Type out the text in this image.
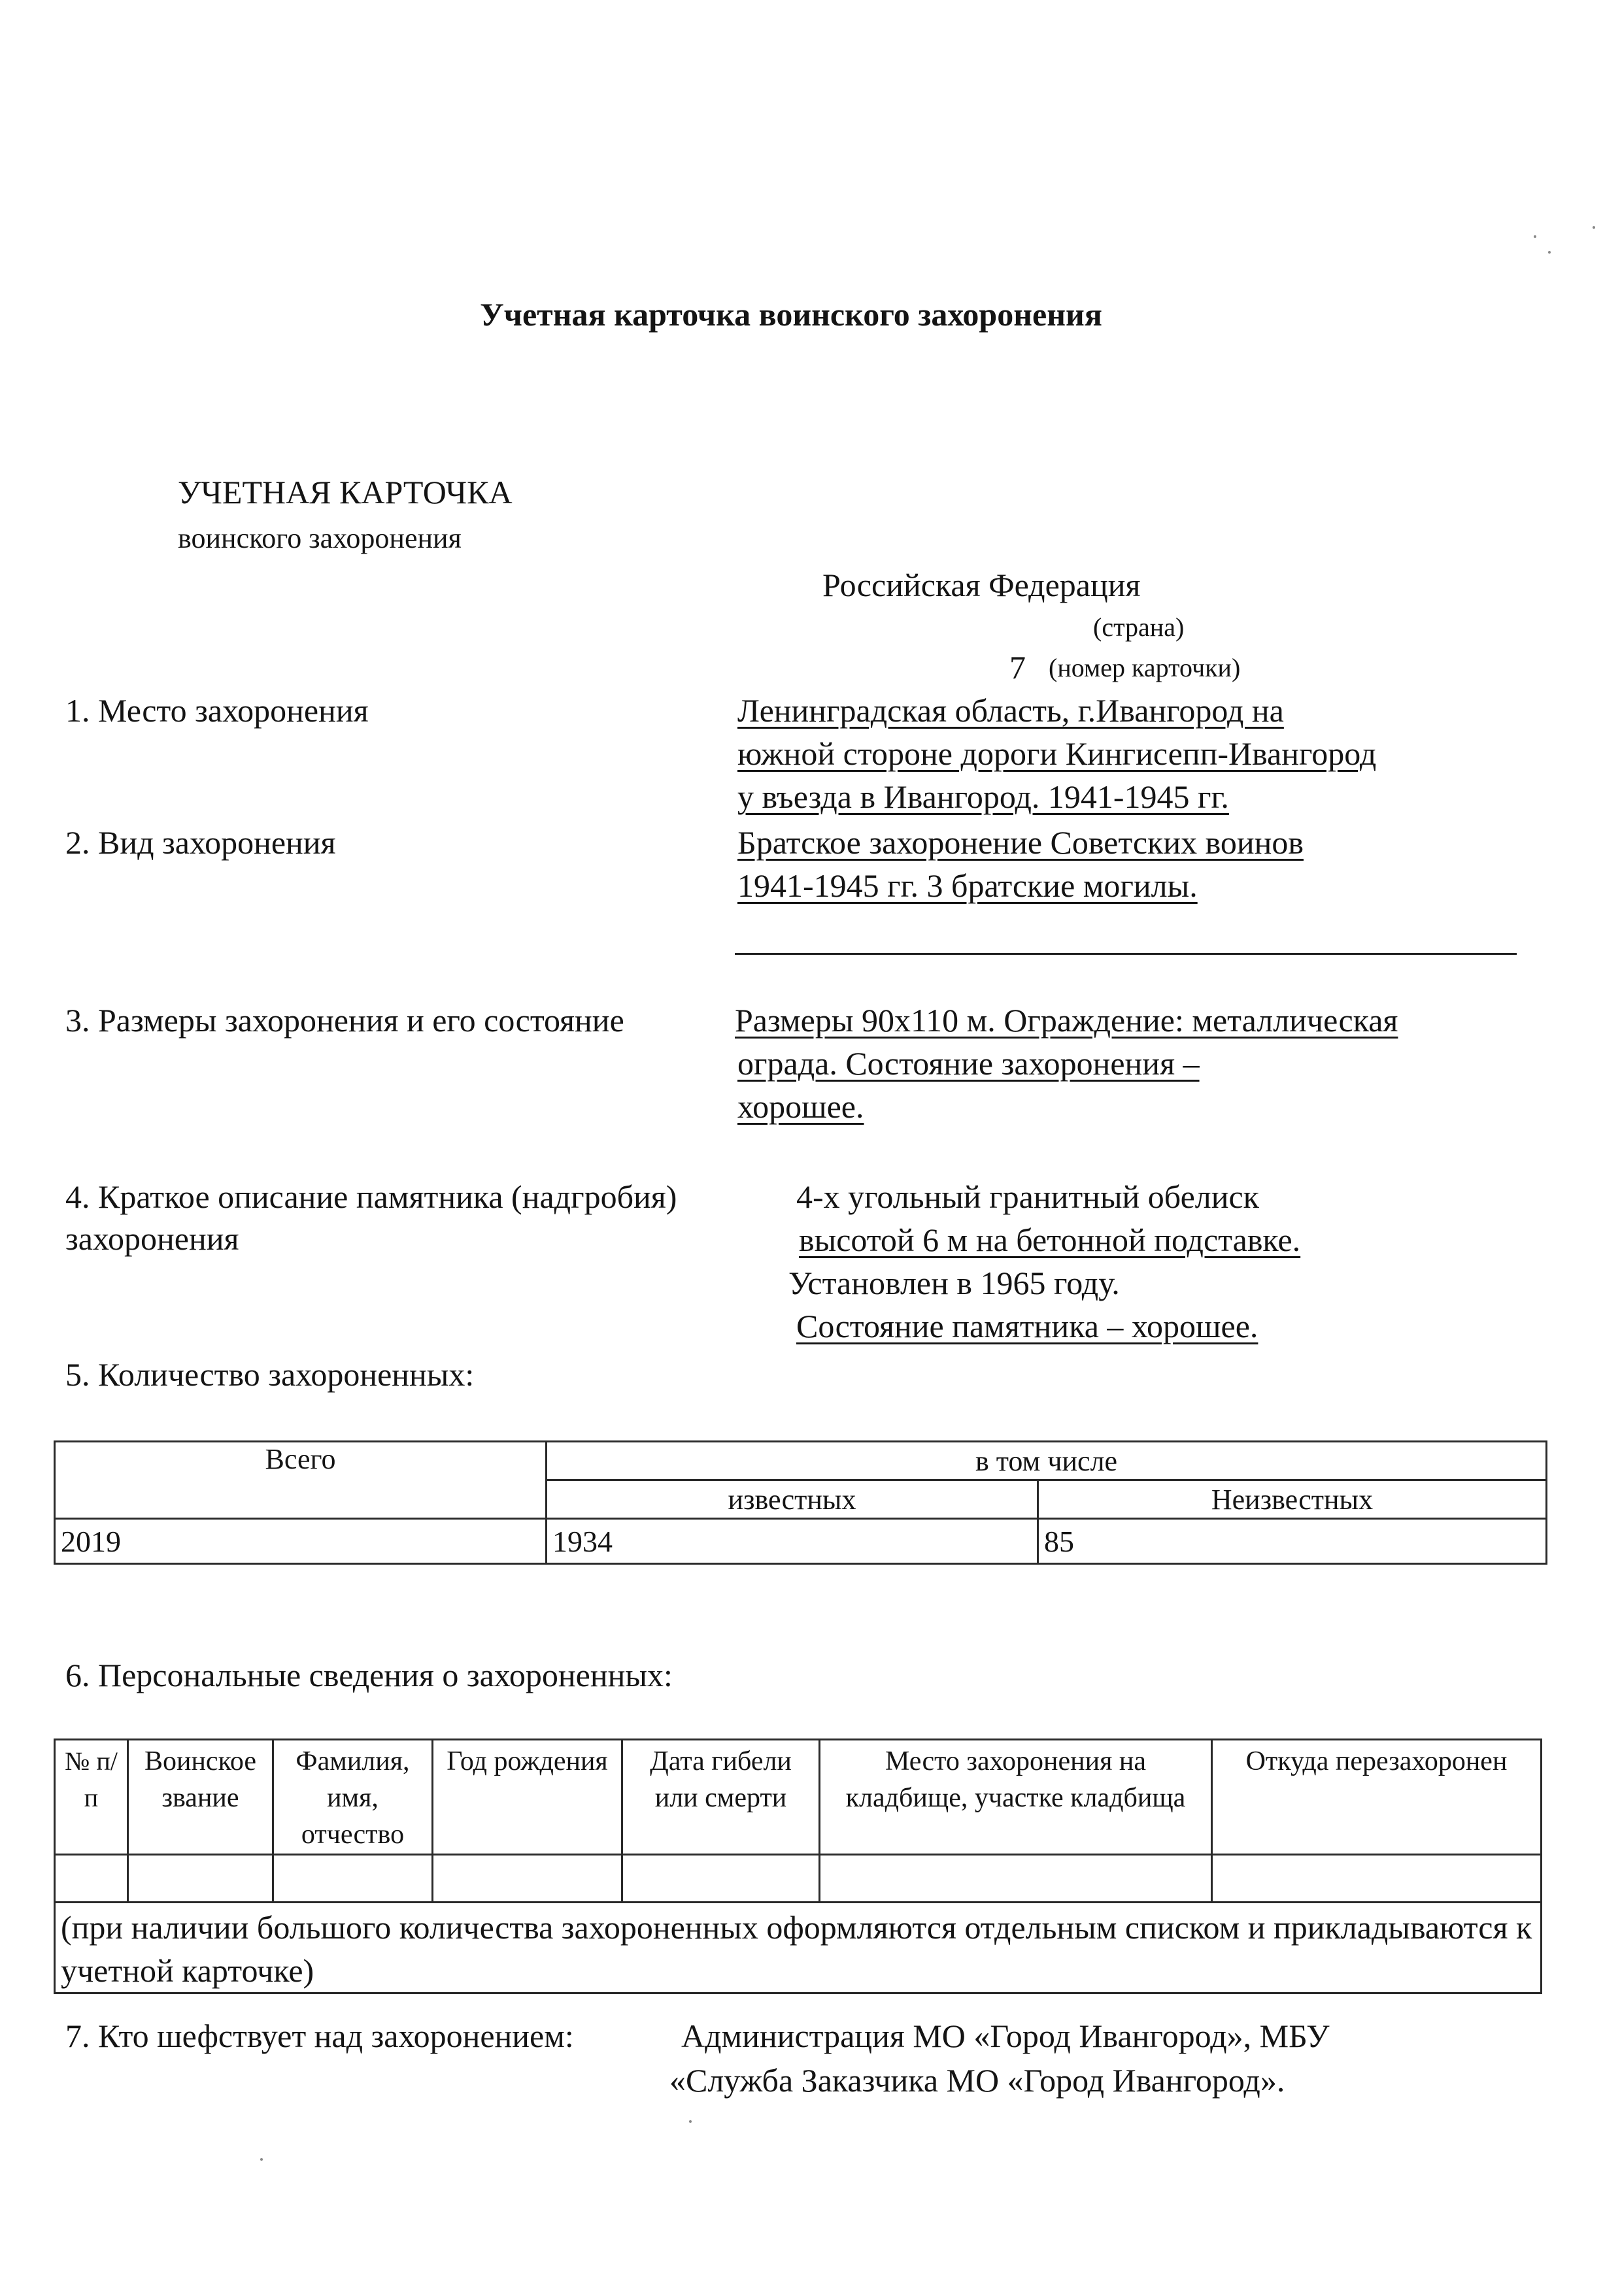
Учетная карточка воинского захоронения
УЧЕТНАЯ КАРТОЧКА
воинского захоронения
Российская Федерация
(страна)
7 (номер карточки)
1. Место захоронения	Ленинградская область, г.Ивангород на
южной стороне дороги Кингисепп-Ивангород
у въезда в Ивангород. 1941-1945 гг.
2. Вид захоронения	Братское захоронение Советских воинов
1941-1945 гг. 3 братские могилы.
3. Размеры захоронения и его состояние	Размеры 90х110 м. Ограждение: металлическая
ограда. Состояние захоронения –
хорошее.
4. Краткое описание памятника (надгробия)
захоронения
4-х угольный гранитный обелиск
высотой 6 м на бетонной подставке.
Установлен в 1965 году.
Состояние памятника – хорошее.
5. Количество захороненных:
Всего	в том числе	
	известных	Неизвестных
2019	1934	85
6. Персональные сведения о захороненных:
№ п/п	Воинское звание	Фамилия, имя, отчество	Год рождения	Дата гибели или смерти	Место захоронения на кладбище, участке кладбища	Откуда перезахоронен

(при наличии большого количества захороненных оформляются отдельным списком и прикладываются к учетной карточке)						
7. Кто шефствует над захоронением:	Администрация МО «Город Ивангород», МБУ
«Служба Заказчика МО «Город Ивангород».
